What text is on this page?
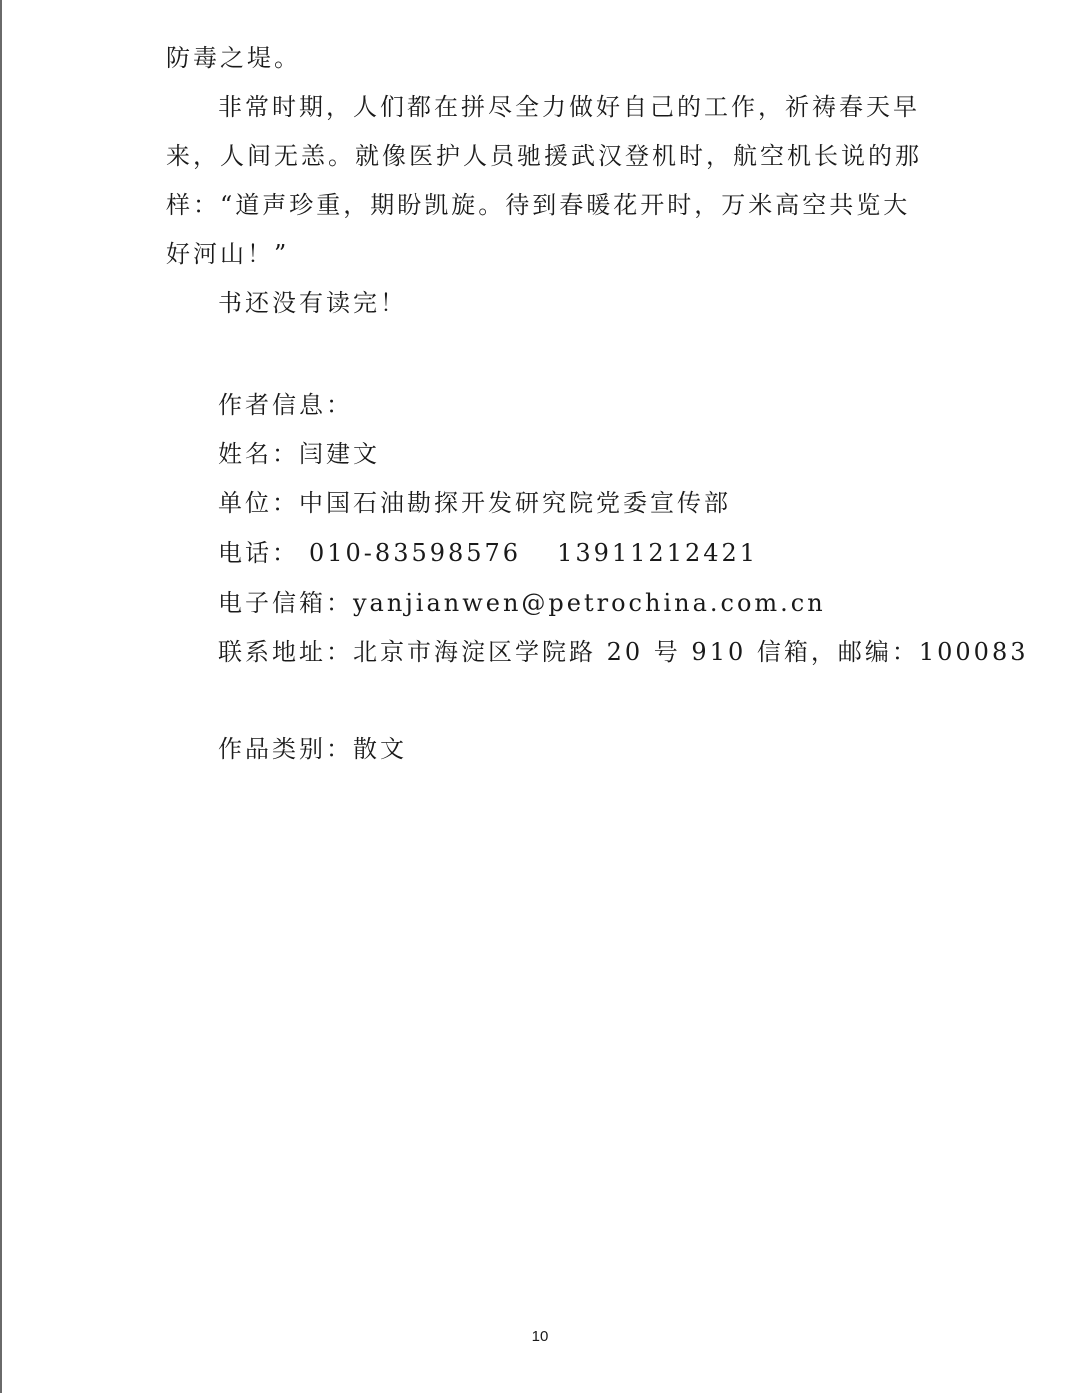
防毒之堤。

非常时期，人们都在拼尽全力做好自己的工作，祈祷春天早来，人间无恙。就像医护人员驰援武汉登机时，航空机长说的那样：“道声珍重，期盼凯旋。待到春暖花开时，万米高空共览大好河山！”

书还没有读完！

作者信息：
姓名：闫建文
单位：中国石油勘探开发研究院党委宣传部
电话： 010-83598576 13911212421
电子信箱：yanjianwen@petrochina.com.cn
联系地址：北京市海淀区学院路 20 号 910 信箱，邮编：100083
作品类别：散文
10
